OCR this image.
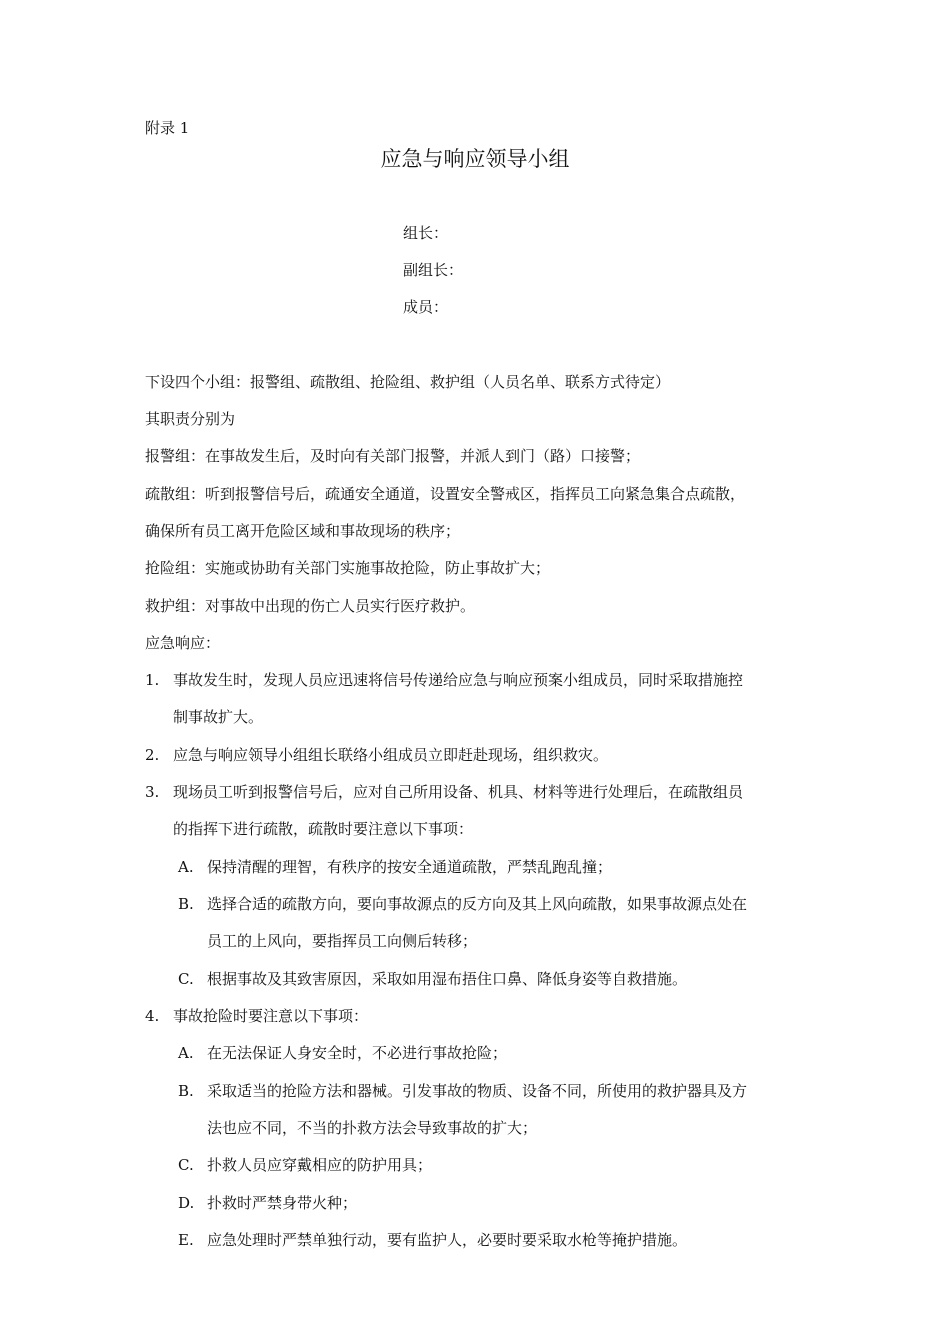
附录 1
应急与响应领导小组
组长：
副组长：
成员：
下设四个小组：报警组、疏散组、抢险组、救护组（人员名单、联系方式待定）
其职责分别为
报警组：在事故发生后，及时向有关部门报警，并派人到门（路）口接警；
疏散组：听到报警信号后，疏通安全通道，设置安全警戒区，指挥员工向紧急集合点疏散，
确保所有员工离开危险区域和事故现场的秩序；
抢险组：实施或协助有关部门实施事故抢险，防止事故扩大；
救护组：对事故中出现的伤亡人员实行医疗救护。
应急响应：
1. 事故发生时，发现人员应迅速将信号传递给应急与响应预案小组成员，同时采取措施控
制事故扩大。
2. 应急与响应领导小组组长联络小组成员立即赶赴现场，组织救灾。
3. 现场员工听到报警信号后，应对自己所用设备、机具、材料等进行处理后，在疏散组员
的指挥下进行疏散，疏散时要注意以下事项：
A. 保持清醒的理智，有秩序的按安全通道疏散，严禁乱跑乱撞；
B. 选择合适的疏散方向，要向事故源点的反方向及其上风向疏散，如果事故源点处在
员工的上风向，要指挥员工向侧后转移；
C. 根据事故及其致害原因，采取如用湿布捂住口鼻、降低身姿等自救措施。
4. 事故抢险时要注意以下事项：
A. 在无法保证人身安全时，不必进行事故抢险；
B. 采取适当的抢险方法和器械。引发事故的物质、设备不同，所使用的救护器具及方
法也应不同，不当的扑救方法会导致事故的扩大；
C. 扑救人员应穿戴相应的防护用具；
D. 扑救时严禁身带火种；
E. 应急处理时严禁单独行动，要有监护人，必要时要采取水枪等掩护措施。
